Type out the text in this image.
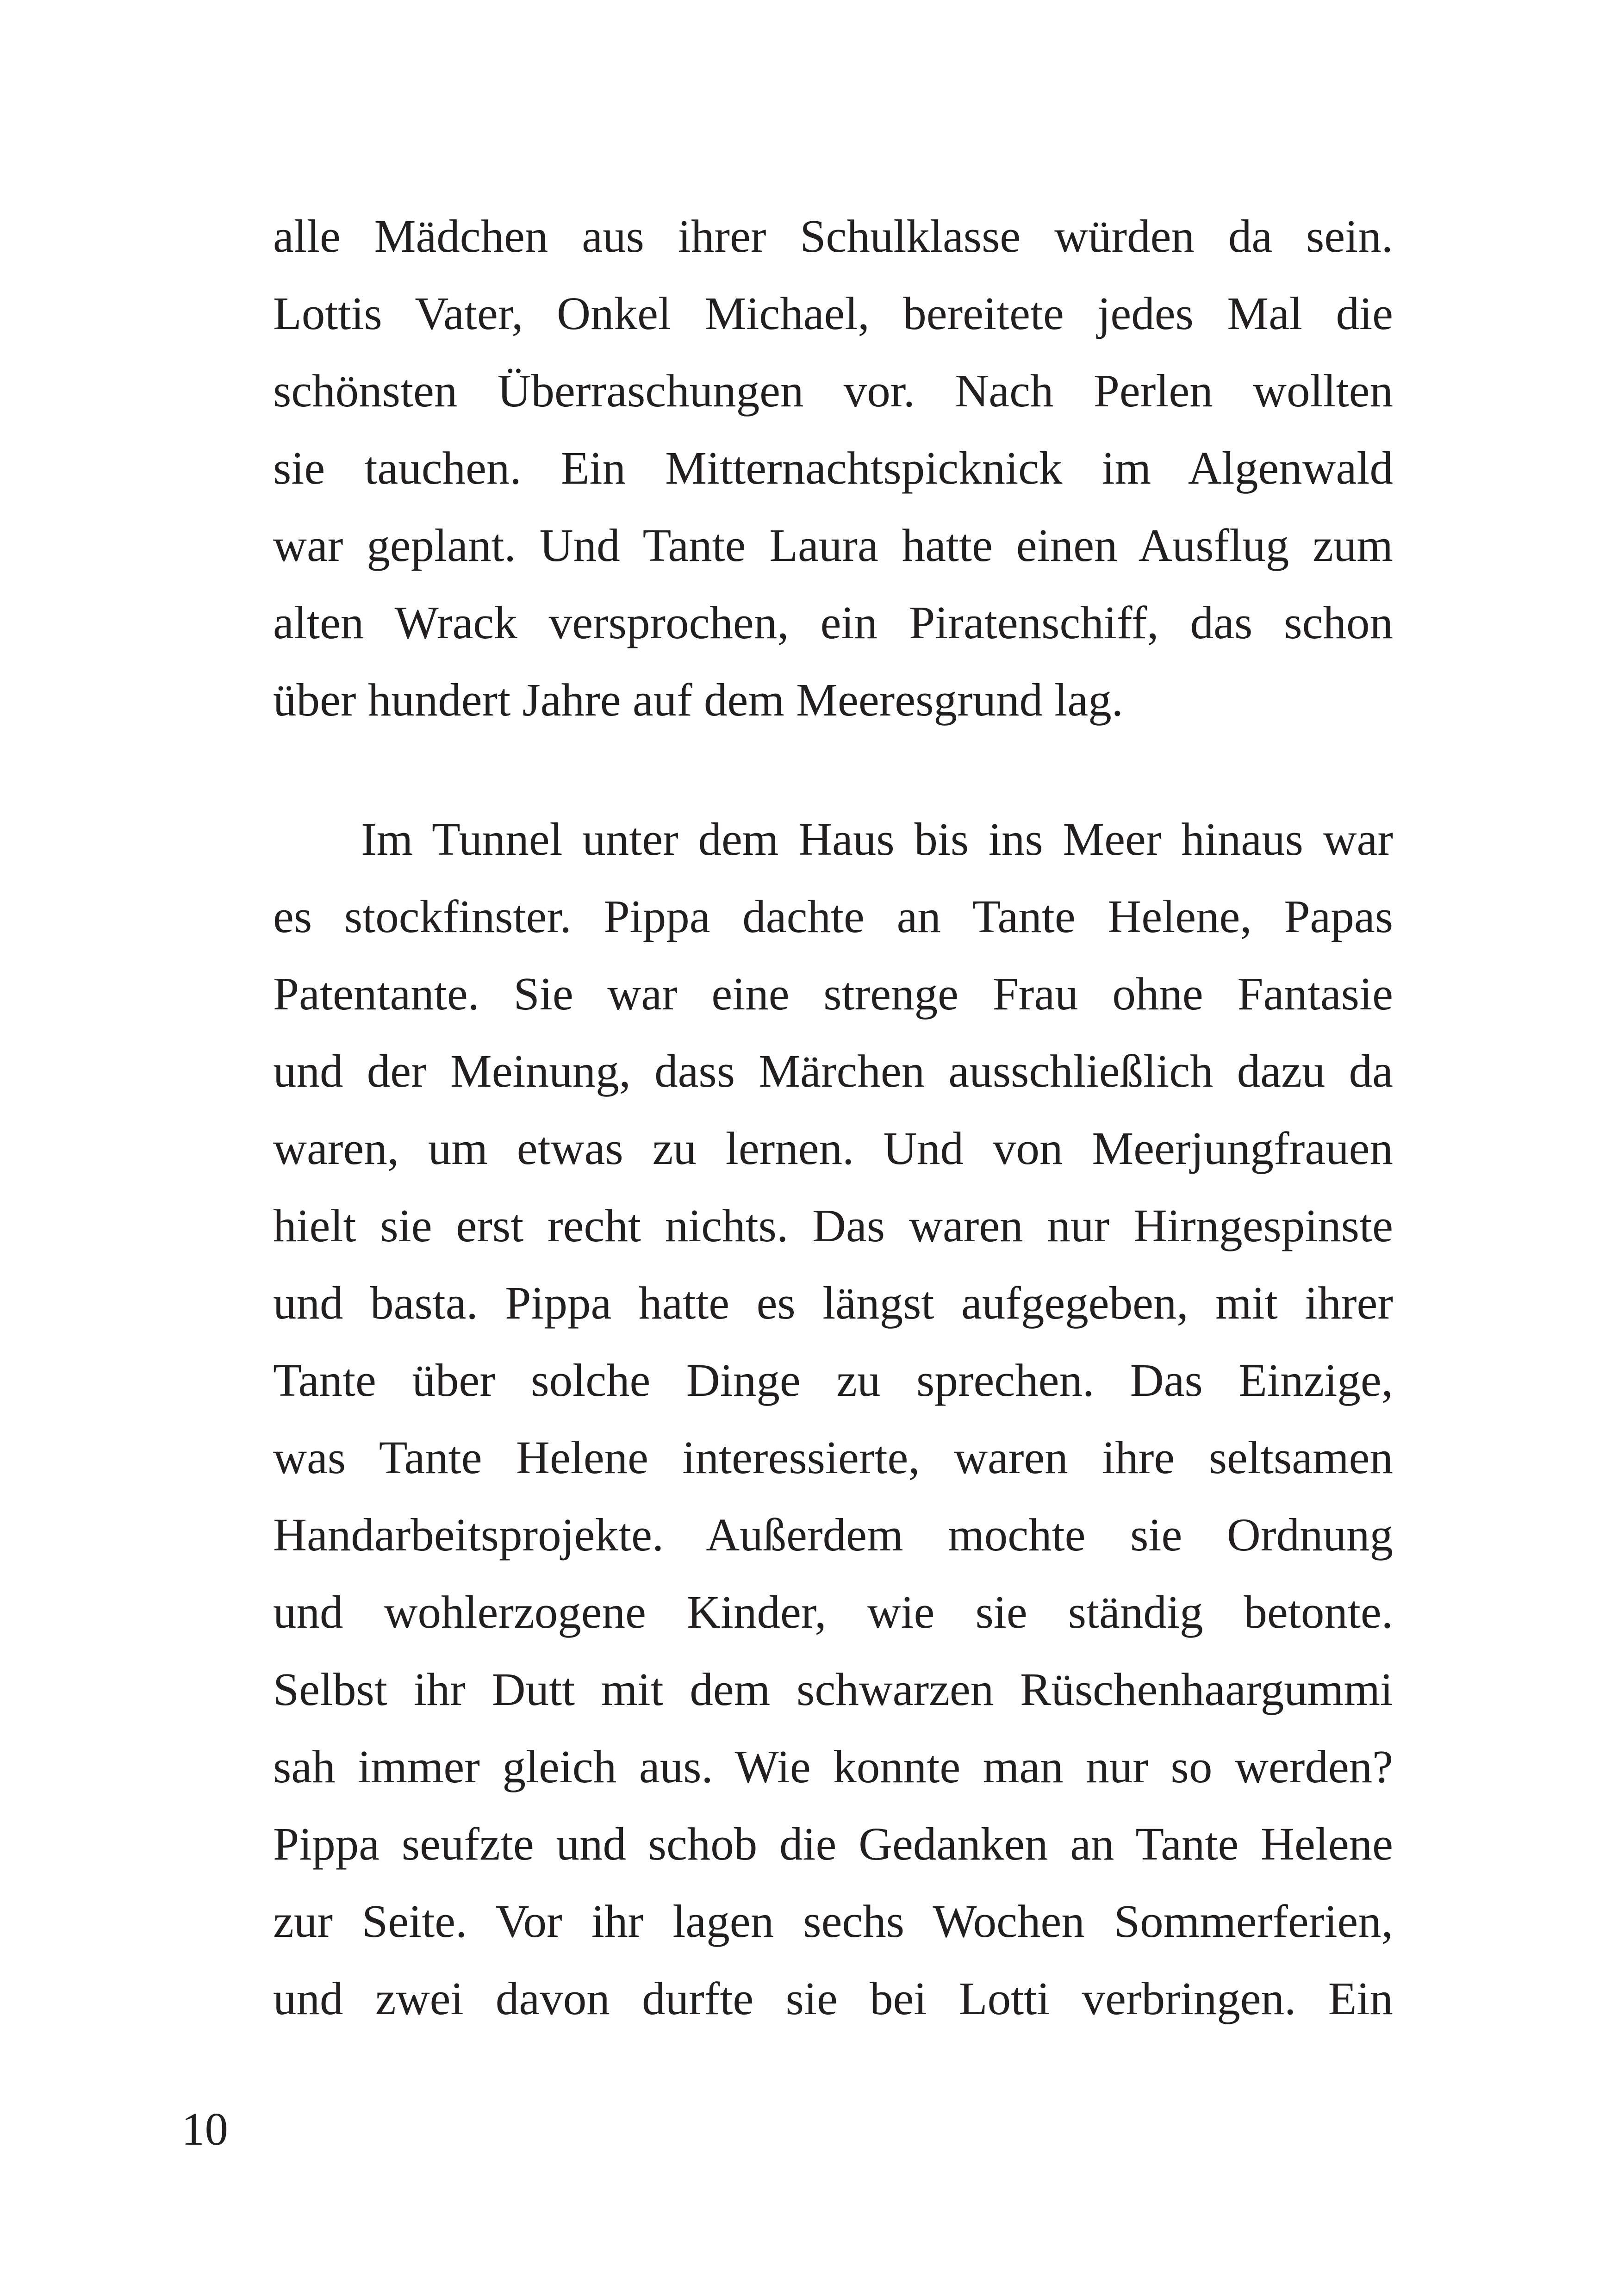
alle Mädchen aus ihrer Schulklasse würden da sein.
Lottis Vater, Onkel Michael, bereitete jedes Mal die
schönsten Überraschungen vor. Nach Perlen wollten
sie tauchen. Ein Mitternachtspicknick im Algenwald
war geplant. Und Tante Laura hatte einen Ausflug zum
alten Wrack versprochen, ein Piratenschiff, das schon
über hundert Jahre auf dem Meeresgrund lag.
Im Tunnel unter dem Haus bis ins Meer hinaus war
es stockfinster. Pippa dachte an Tante Helene, Papas
Patentante. Sie war eine strenge Frau ohne Fantasie
und der Meinung, dass Märchen ausschließlich dazu da
waren, um etwas zu lernen. Und von Meerjungfrauen
hielt sie erst recht nichts. Das waren nur Hirngespinste
und basta. Pippa hatte es längst aufgegeben, mit ihrer
Tante über solche Dinge zu sprechen. Das Einzige,
was Tante Helene interessierte, waren ihre seltsamen
Handarbeitsprojekte. Außerdem mochte sie Ordnung
und wohlerzogene Kinder, wie sie ständig betonte.
Selbst ihr Dutt mit dem schwarzen Rüschenhaargummi
sah immer gleich aus. Wie konnte man nur so werden?
Pippa seufzte und schob die Gedanken an Tante Helene
zur Seite. Vor ihr lagen sechs Wochen Sommerferien,
und zwei davon durfte sie bei Lotti verbringen. Ein
10
